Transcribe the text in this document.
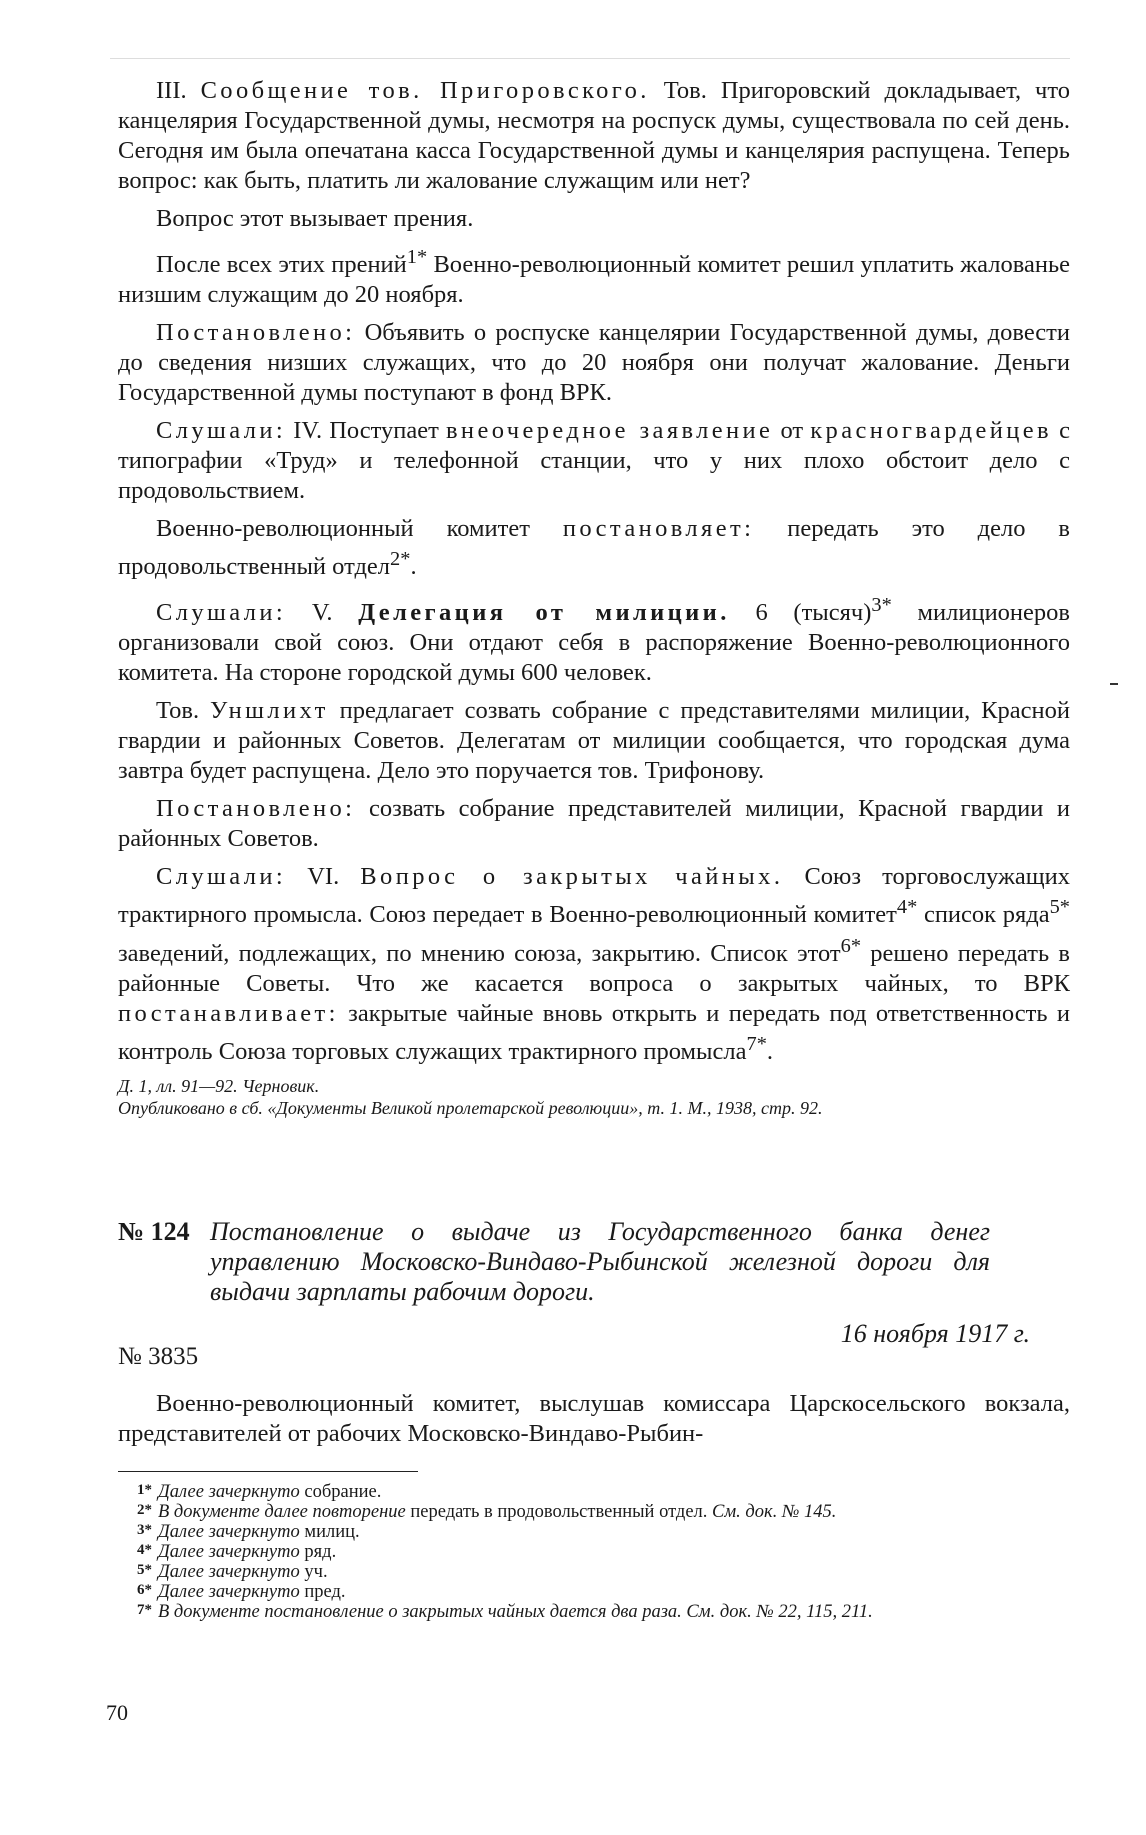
III. Сообщение тов. Пригоровского. Тов. Пригоровский докладывает, что канцелярия Государственной думы, несмотря на роспуск думы, существовала по сей день. Сегодня им была опечатана касса Государственной думы и канцелярия распущена. Теперь вопрос: как быть, платить ли жалование служащим или нет?

Вопрос этот вызывает прения.

После всех этих прений$^{1*}$ Военно-революционный комитет решил уплатить жалованье низшим служащим до 20 ноября.

Постановлено: Объявить о роспуске канцелярии Государственной думы, довести до сведения низших служащих, что до 20 ноября они получат жалование. Деньги Государственной думы поступают в фонд ВРК.

Слушали: IV. Поступает внеочередное заявление от красногвардейцев с типографии «Труд» и телефонной станции, что у них плохо обстоит дело с продовольствием.

Военно-революционный комитет постановляет: передать это дело в продовольственный отдел$^{2*}$.

Слушали: V. Делегация от милиции. 6 (тысяч)$^{3*}$ милиционеров организовали свой союз. Они отдают себя в распоряжение Военно-революционного комитета. На стороне городской думы 600 человек.

Тов. Уншлихт предлагает созвать собрание с представителями милиции, Красной гвардии и районных Советов. Делегатам от милиции сообщается, что городская дума завтра будет распущена. Дело это поручается тов. Трифонову.

Постановлено: созвать собрание представителей милиции, Красной гвардии и районных Советов.

Слушали: VI. Вопрос о закрытых чайных. Союз торговослужащих трактирного промысла. Союз передает в Военно-революционный комитет$^{4*}$ список ряда$^{5*}$ заведений, подлежащих, по мнению союза, закрытию. Список этот$^{6*}$ решено передать в районные Советы. Что же касается вопроса о закрытых чайных, то ВРК постанавливает: закрытые чайные вновь открыть и передать под ответственность и контроль Союза торговых служащих трактирного промысла$^{7*}$.

Д. 1, лл. 91—92. Черновик.

Опубликовано в сб. «Документы Великой пролетарской революции», т. 1. М., 1938, стр. 92.

№ 124 Постановление о выдаче из Государственного банка денег управлению Московско-Виндаво-Рыбинской железной дороги для выдачи зарплаты рабочим дороги.

16 ноября 1917 г.
№ 3835

Военно-революционный комитет, выслушав комиссара Царскосельского вокзала, представителей от рабочих Московско-Виндаво-Рыбин-

1* Далее зачеркнуто собрание.

2* В документе далее повторение передать в продовольственный отдел. См. док. № 145.

3* Далее зачеркнуто милиц.

4* Далее зачеркнуто ряд.

5* Далее зачеркнуто уч.

6* Далее зачеркнуто пред.

7* В документе постановление о закрытых чайных дается два раза. См. док. № 22, 115, 211.

70
